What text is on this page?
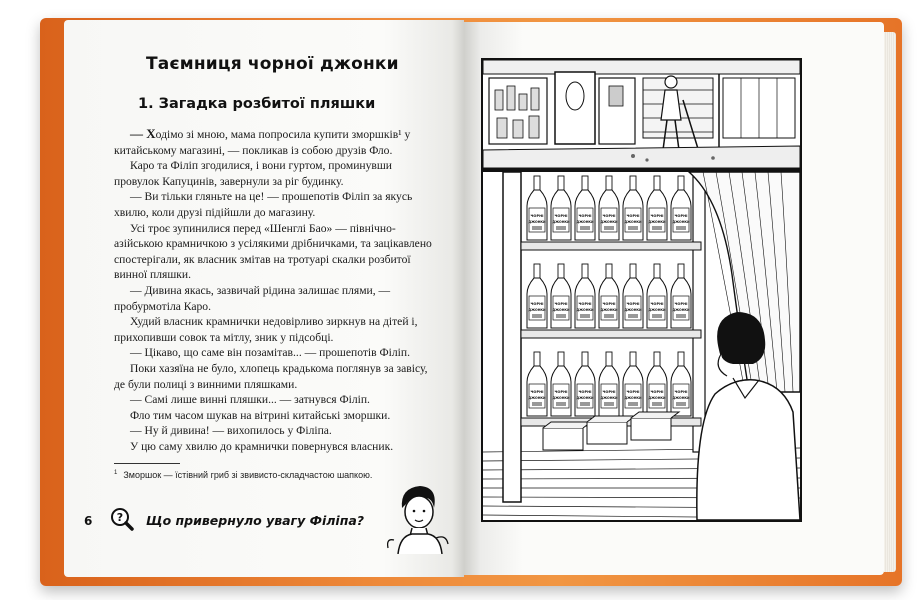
Таємниця чорної джонки
1. Загадка розбитої пляшки

— Ходімо зі мною, мама попросила купити зморшків¹ у китайському магазині, — покликав із собою друзів Фло.

Каро та Філіп згодилися, і вони гуртом, проминувши провулок Капуцинів, завернули за ріг будинку.

— Ви тільки гляньте на це! — прошепотів Філіп за якусь хвилю, коли друзі підійшли до магазину.

Усі троє зупинилися перед «Шенглі Бао» — північно-азійською крамничкою з усілякими дрібничками, та зацікавлено спостерігали, як власник змітав на тротуарі скалки розбитої винної пляшки.

— Дивина якась, зазвичай рідина залишає плями, — пробурмотіла Каро.

Худий власник крамнички недовірливо зиркнув на дітей і, прихопивши совок та мітлу, зник у підсобці.

— Цікаво, що саме він позамітав... — прошепотів Філіп.

Поки хазяїна не було, хлопець крадькома поглянув за завісу, де були полиці з винними пляшками.

— Самі лише винні пляшки... — затнувся Філіп.

Фло тим часом шукав на вітрині китайські зморшки.

— Ну й дивина! — вихопилось у Філіпа.

У цю саму хвилю до крамнички повернувся власник.

$^1$ Зморшок — їстівний гриб зі звивисто-складчастою шапкою.
6 ? Що привернуло увагу Філіпа?
ЧОРНІ
ДЖОНКИ
ЧОРНІ
ДЖОНКИ
ЧОРНІ
ДЖОНКИ
ЧОРНІ
ДЖОНКИ
ЧОРНІ
ДЖОНКИ
ЧОРНІ
ДЖОНКИ
ЧОРНІ
ДЖОНКИ
ЧОРНІ
ДЖОНКИ
ЧОРНІ
ДЖОНКИ
ЧОРНІ
ДЖОНКИ
ЧОРНІ
ДЖОНКИ
ЧОРНІ
ДЖОНКИ
ЧОРНІ
ДЖОНКИ
ЧОРНІ
ДЖОНКИ
ЧОРНІ
ДЖОНКИ
ЧОРНІ
ДЖОНКИ
ЧОРНІ
ДЖОНКИ
ЧОРНІ
ДЖОНКИ
ЧОРНІ
ДЖОНКИ
ЧОРНІ
ДЖОНКИ
ЧОРНІ
ДЖОНКИ
